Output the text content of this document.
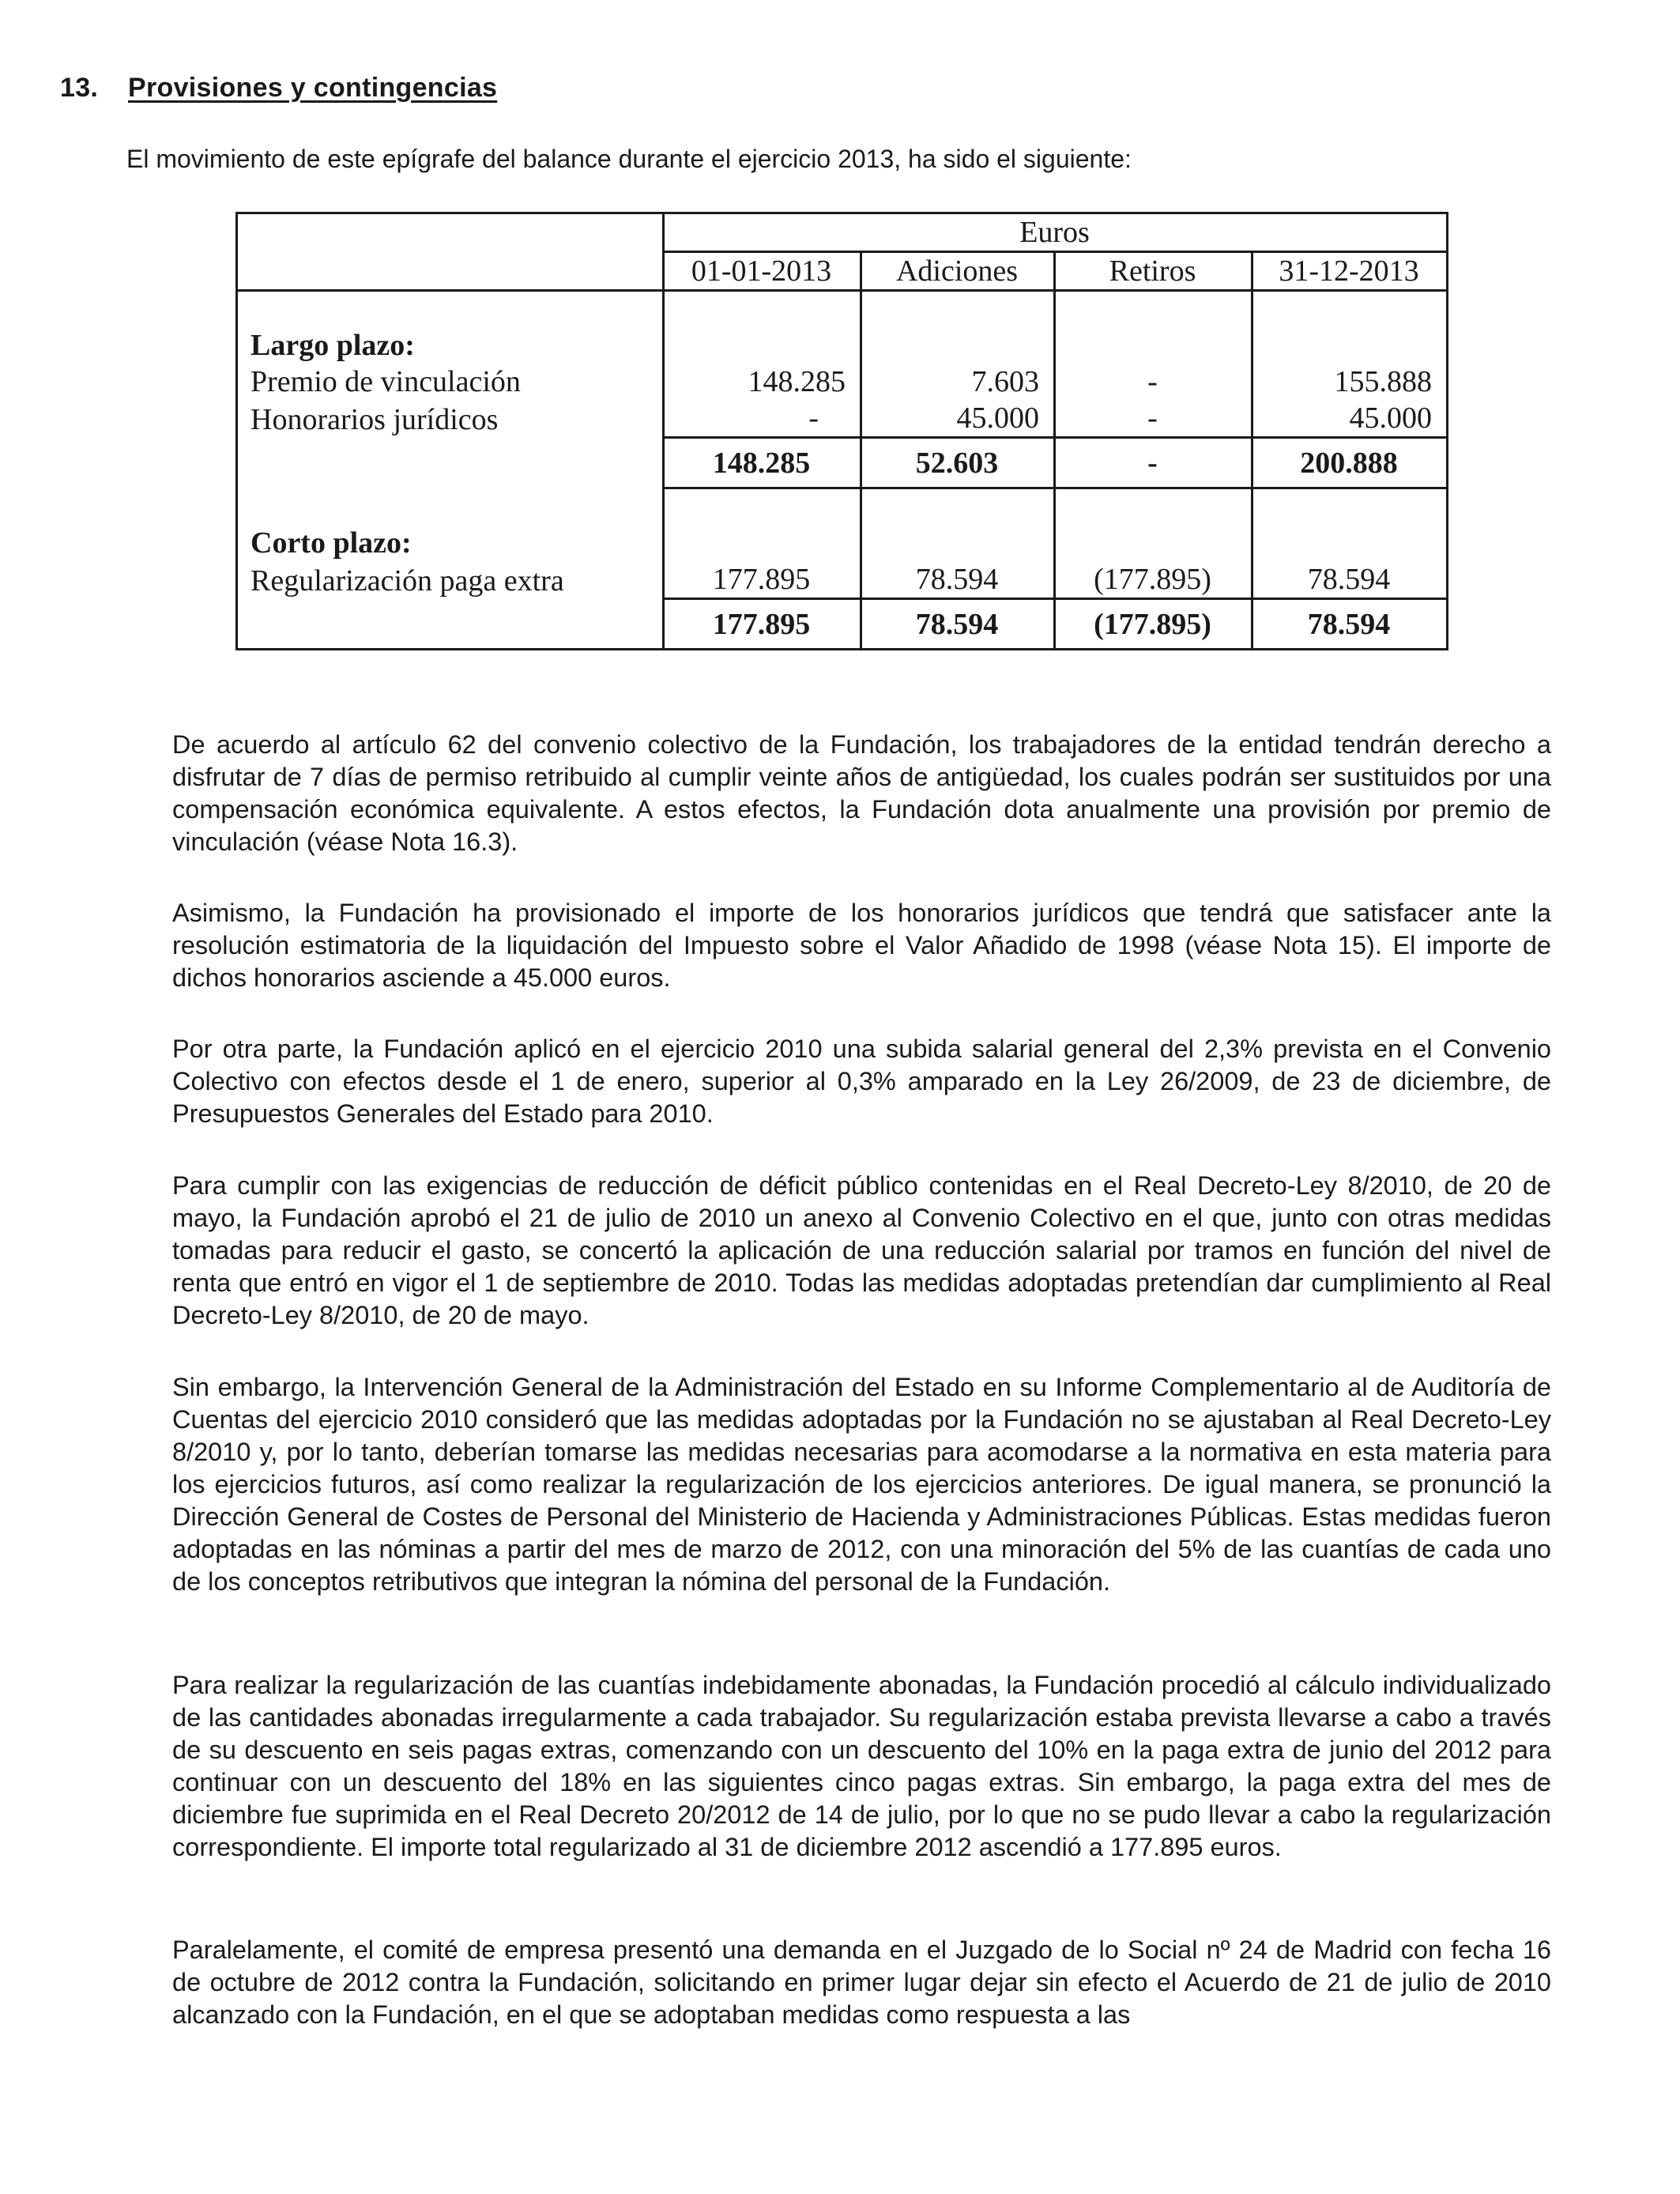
13. Provisiones y contingencias
El movimiento de este epígrafe del balance durante el ejercicio 2013, ha sido el siguiente:
	Euros			
	01-01-2013	Adiciones	Retiros	31-12-2013
Largo plazo:				
Premio de vinculación	148.285	7.603	-	155.888
Honorarios jurídicos	-	45.000	-	45.000
	148.285	52.603	-	200.888
Corto plazo:				
Regularización paga extra	177.895	78.594	(177.895)	78.594
	177.895	78.594	(177.895)	78.594
De acuerdo al artículo 62 del convenio colectivo de la Fundación, los trabajadores de la entidad tendrán derecho a disfrutar de 7 días de permiso retribuido al cumplir veinte años de antigüedad, los cuales podrán ser sustituidos por una compensación económica equivalente. A estos efectos, la Fundación dota anualmente una provisión por premio de vinculación (véase Nota 16.3).
Asimismo, la Fundación ha provisionado el importe de los honorarios jurídicos que tendrá que satisfacer ante la resolución estimatoria de la liquidación del Impuesto sobre el Valor Añadido de 1998 (véase Nota 15). El importe de dichos honorarios asciende a 45.000 euros.
Por otra parte, la Fundación aplicó en el ejercicio 2010 una subida salarial general del 2,3% prevista en el Convenio Colectivo con efectos desde el 1 de enero, superior al 0,3% amparado en la Ley 26/2009, de 23 de diciembre, de Presupuestos Generales del Estado para 2010.
Para cumplir con las exigencias de reducción de déficit público contenidas en el Real Decreto-Ley 8/2010, de 20 de mayo, la Fundación aprobó el 21 de julio de 2010 un anexo al Convenio Colectivo en el que, junto con otras medidas tomadas para reducir el gasto, se concertó la aplicación de una reducción salarial por tramos en función del nivel de renta que entró en vigor el 1 de septiembre de 2010. Todas las medidas adoptadas pretendían dar cumplimiento al Real Decreto-Ley 8/2010, de 20 de mayo.
Sin embargo, la Intervención General de la Administración del Estado en su Informe Complementario al de Auditoría de Cuentas del ejercicio 2010 consideró que las medidas adoptadas por la Fundación no se ajustaban al Real Decreto-Ley 8/2010 y, por lo tanto, deberían tomarse las medidas necesarias para acomodarse a la normativa en esta materia para los ejercicios futuros, así como realizar la regularización de los ejercicios anteriores. De igual manera, se pronunció la Dirección General de Costes de Personal del Ministerio de Hacienda y Administraciones Públicas. Estas medidas fueron adoptadas en las nóminas a partir del mes de marzo de 2012, con una minoración del 5% de las cuantías de cada uno de los conceptos retributivos que integran la nómina del personal de la Fundación.
Para realizar la regularización de las cuantías indebidamente abonadas, la Fundación procedió al cálculo individualizado de las cantidades abonadas irregularmente a cada trabajador. Su regularización estaba prevista llevarse a cabo a través de su descuento en seis pagas extras, comenzando con un descuento del 10% en la paga extra de junio del 2012 para continuar con un descuento del 18% en las siguientes cinco pagas extras. Sin embargo, la paga extra del mes de diciembre fue suprimida en el Real Decreto 20/2012 de 14 de julio, por lo que no se pudo llevar a cabo la regularización correspondiente. El importe total regularizado al 31 de diciembre 2012 ascendió a 177.895 euros.
Paralelamente, el comité de empresa presentó una demanda en el Juzgado de lo Social nº 24 de Madrid con fecha 16 de octubre de 2012 contra la Fundación, solicitando en primer lugar dejar sin efecto el Acuerdo de 21 de julio de 2010 alcanzado con la Fundación, en el que se adoptaban medidas como respuesta a las
